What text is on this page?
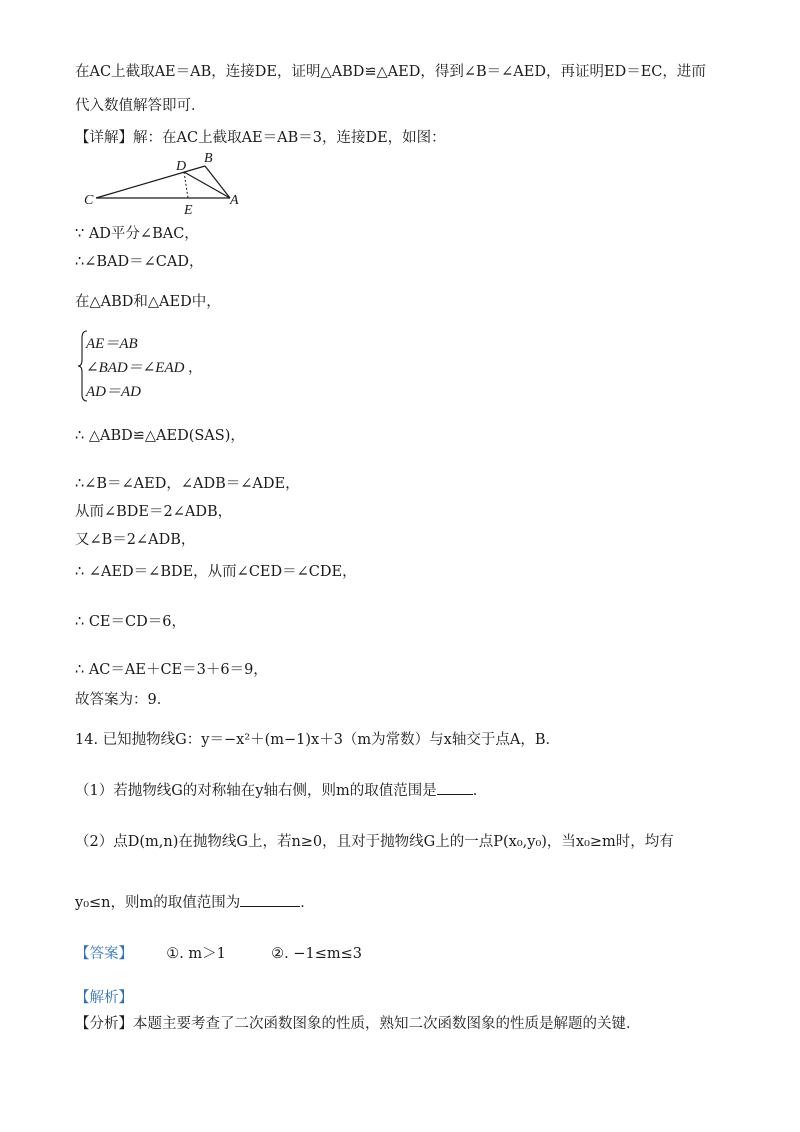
在AC上截取AE＝AB，连接DE，证明△ABD≌△AED，得到∠B＝∠AED，再证明ED＝EC，进而
代入数值解答即可．
【详解】解：在AC上截取AE＝AB＝3，连接DE，如图：
B
D
C
E
A
∵ AD平分∠BAC，
∴∠BAD＝∠CAD，
在△ABD和△AED中，
AE＝AB
∠BAD＝∠EAD
AD＝AD
，
∴ △ABD≌△AED(SAS)，
∴∠B＝∠AED，∠ADB＝∠ADE，
从而∠BDE＝2∠ADB，
又∠B＝2∠ADB，
∴ ∠AED＝∠BDE，从而∠CED＝∠CDE，
∴ CE＝CD＝6，
∴ AC＝AE＋CE＝3＋6＝9，
故答案为：9．
14. 已知抛物线G：y＝−x²＋(m−1)x＋3（m为常数）与x轴交于点A，B．
（1）若抛物线G的对称轴在y轴右侧，则m的取值范围是 ．
（2）点D(m,n)在抛物线G上，若n≥0，且对于抛物线G上的一点P(x₀,y₀)，当x₀≥m时，均有
y₀≤n，则m的取值范围为	．
【答案】 ①. m＞1	②. −1≤m≤3
【解析】
【分析】本题主要考查了二次函数图象的性质，熟知二次函数图象的性质是解题的关键．
